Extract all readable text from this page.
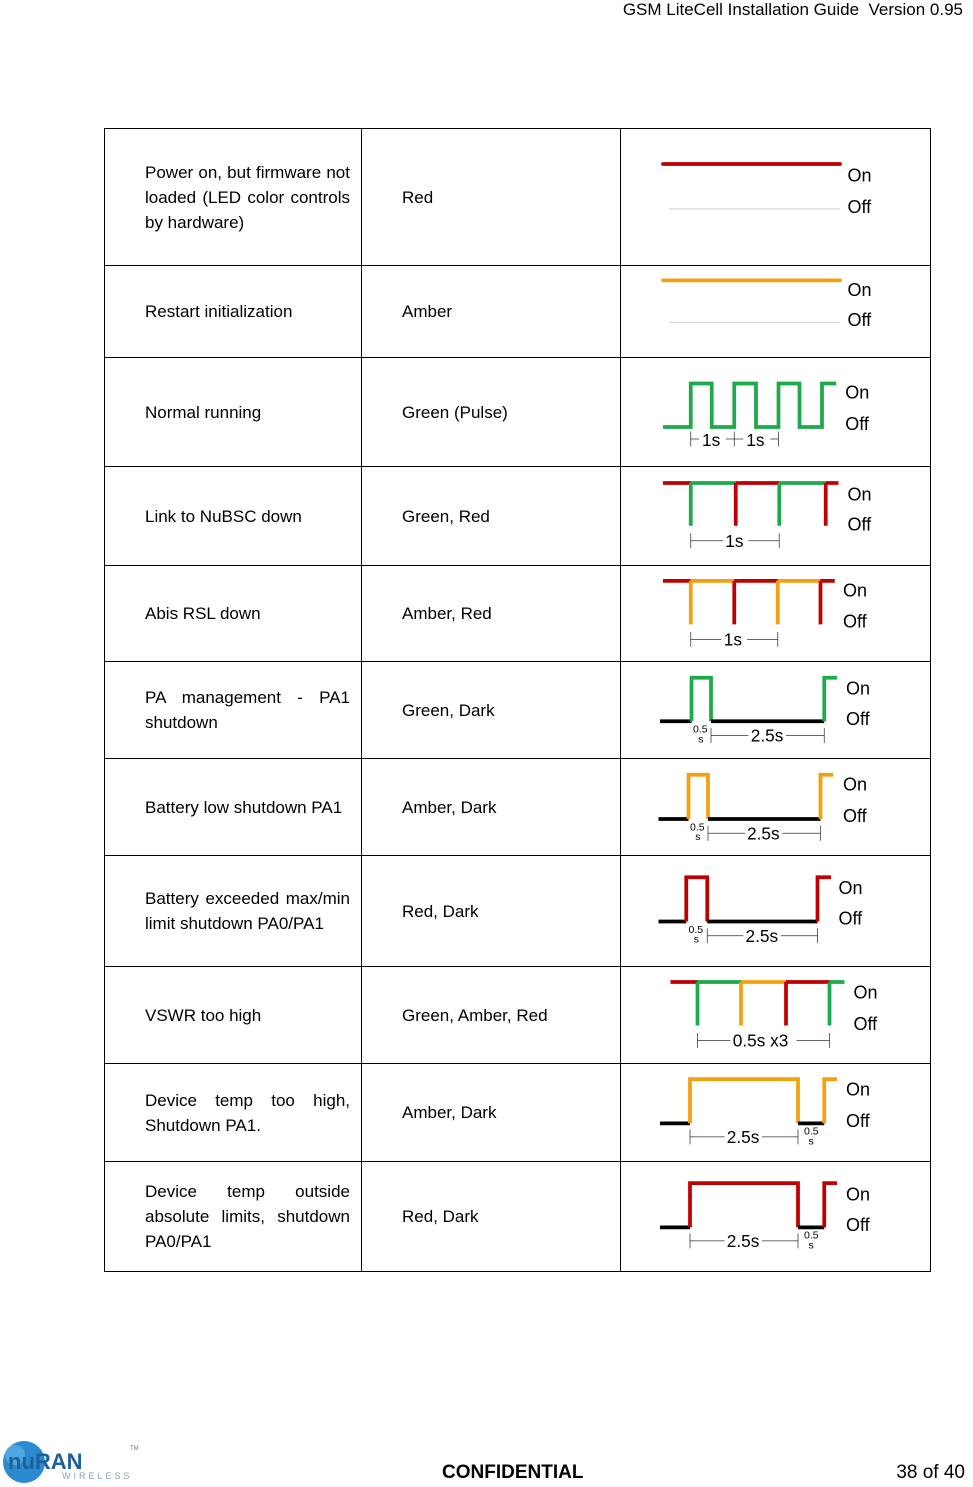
GSM LiteCell Installation Guide  Version 0.95
Power on, but firmware not loaded (LED color controls by hardware)	Red	On
Off

Restart initialization	Amber	On
Off

Normal running	Green (Pulse)	On
Off
1s 1s

Link to NuBSC down	Green, Red	On
Off
1s

Abis RSL down	Amber, Red	On
Off
1s

PA management - PA1 shutdown	Green, Dark	On
Off
0.5
s 2.5s

Battery low shutdown PA1	Amber, Dark	On
Off
0.5
s 2.5s

Battery exceeded max/min limit shutdown PA0/PA1	Red, Dark	On
Off
0.5
s 2.5s

VSWR too high	Green, Amber, Red	On
Off
0.5s x3

Device temp too high, Shutdown PA1.	Amber, Dark	On
Off
2.5s 0.5
s

Device temp outside absolute limits, shutdown PA0/PA1	Red, Dark	On
Off
2.5s 0.5
s
nuRAN	TM
WIRELESS	CONFIDENTIAL	38 of 40
